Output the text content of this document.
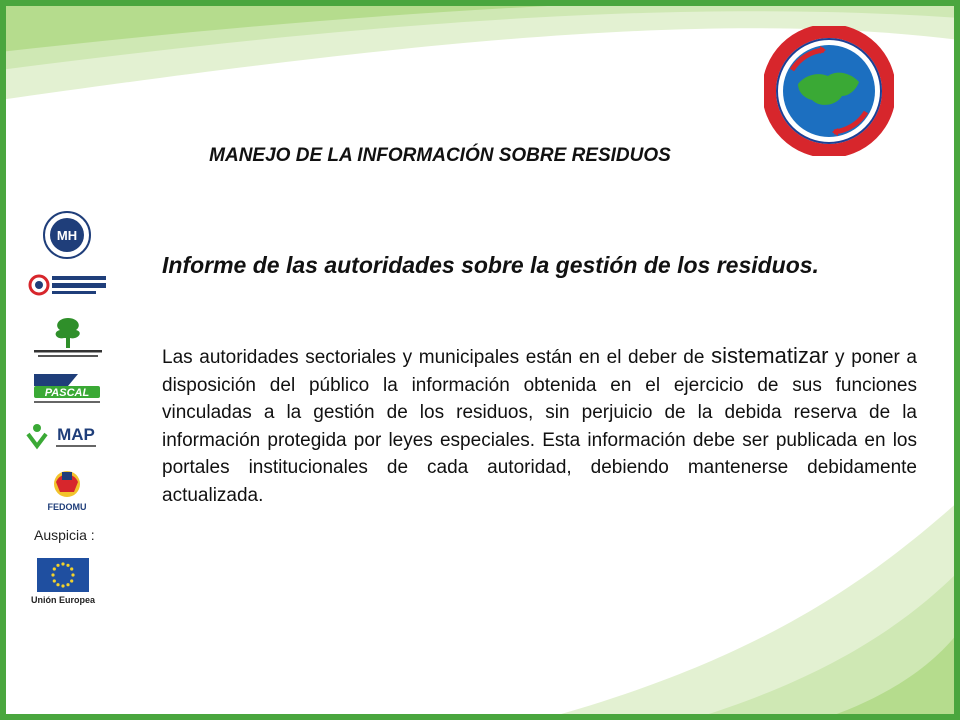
MANEJO DE LA INFORMACIÓN SOBRE RESIDUOS
Informe de las autoridades sobre la gestión de los residuos.
Las autoridades sectoriales y municipales están en el deber de sistematizar y poner a disposición del público la información obtenida en el ejercicio de sus funciones vinculadas a la gestión de los residuos, sin perjuicio de la debida reserva de la información protegida por leyes especiales. Esta información debe ser publicada en los portales institucionales de cada autoridad, debiendo mantenerse debidamente actualizada.
MH
PASCAL
MAP
FEDOMU
Auspicia :
Unión Europea
